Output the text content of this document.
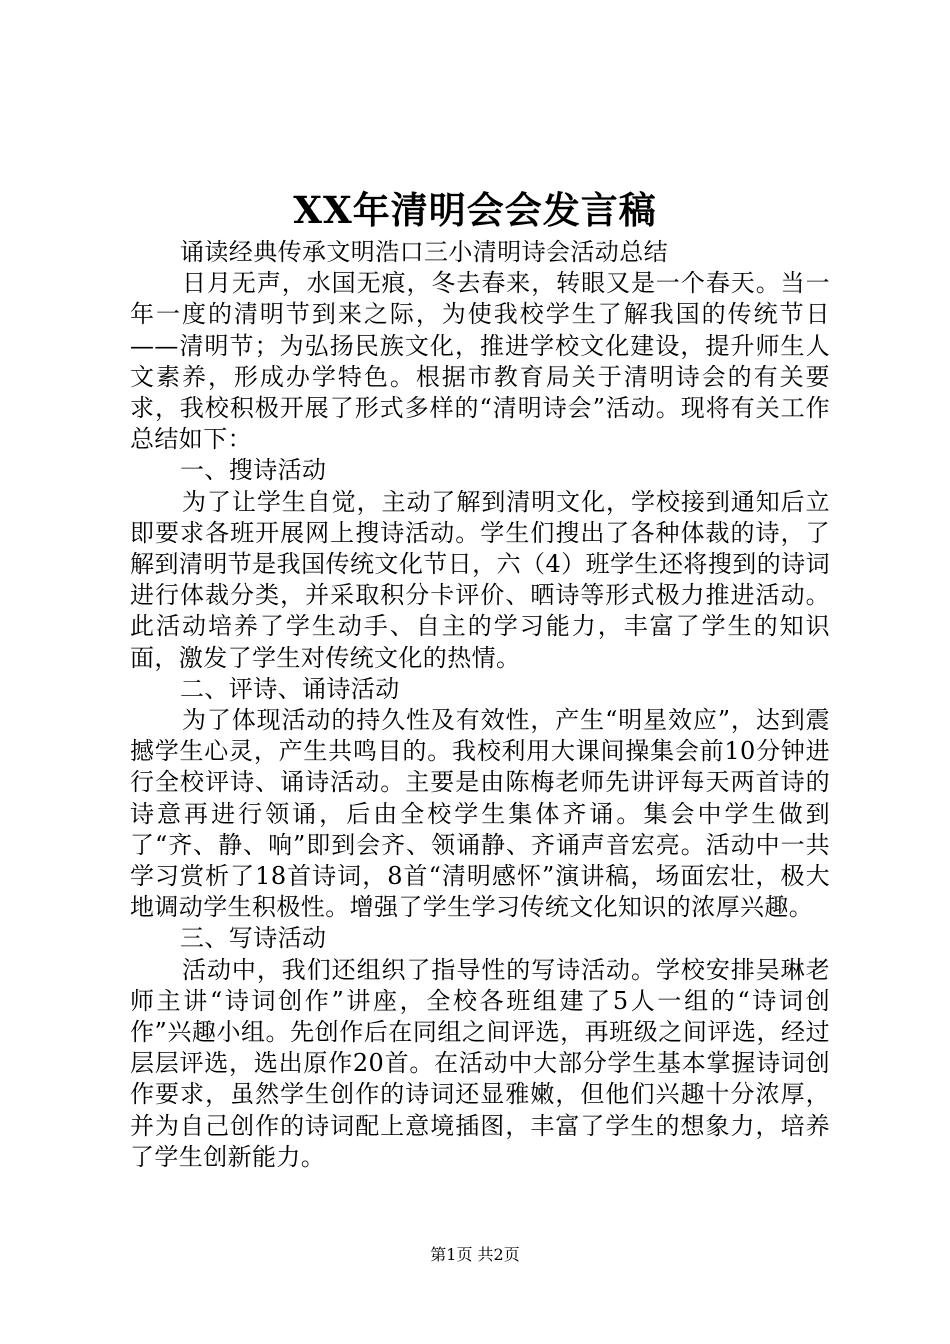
XX年清明会会发言稿

诵读经典传承文明浩口三小清明诗会活动总结

日月无声，水国无痕，冬去春来，转眼又是一个春天。当一年一度的清明节到来之际，为使我校学生了解我国的传统节日——清明节；为弘扬民族文化，推进学校文化建设，提升师生人文素养，形成办学特色。根据市教育局关于清明诗会的有关要求，我校积极开展了形式多样的“清明诗会”活动。现将有关工作总结如下：

一、搜诗活动

为了让学生自觉，主动了解到清明文化，学校接到通知后立即要求各班开展网上搜诗活动。学生们搜出了各种体裁的诗，了解到清明节是我国传统文化节日，六（4）班学生还将搜到的诗词进行体裁分类，并采取积分卡评价、晒诗等形式极力推进活动。此活动培养了学生动手、自主的学习能力，丰富了学生的知识面，激发了学生对传统文化的热情。

二、评诗、诵诗活动

为了体现活动的持久性及有效性，产生“明星效应”，达到震撼学生心灵，产生共鸣目的。我校利用大课间操集会前10分钟进行全校评诗、诵诗活动。主要是由陈梅老师先讲评每天两首诗的诗意再进行领诵，后由全校学生集体齐诵。集会中学生做到了“齐、静、响”即到会齐、领诵静、齐诵声音宏亮。活动中一共学习赏析了18首诗词，8首“清明感怀”演讲稿，场面宏壮，极大地调动学生积极性。增强了学生学习传统文化知识的浓厚兴趣。

三、写诗活动

活动中，我们还组织了指导性的写诗活动。学校安排吴琳老师主讲“诗词创作”讲座，全校各班组建了5人一组的“诗词创作”兴趣小组。先创作后在同组之间评选，再班级之间评选，经过层层评选，选出原作20首。在活动中大部分学生基本掌握诗词创作要求，虽然学生创作的诗词还显雅嫩，但他们兴趣十分浓厚，并为自己创作的诗词配上意境插图，丰富了学生的想象力，培养了学生创新能力。

第1页 共2页
